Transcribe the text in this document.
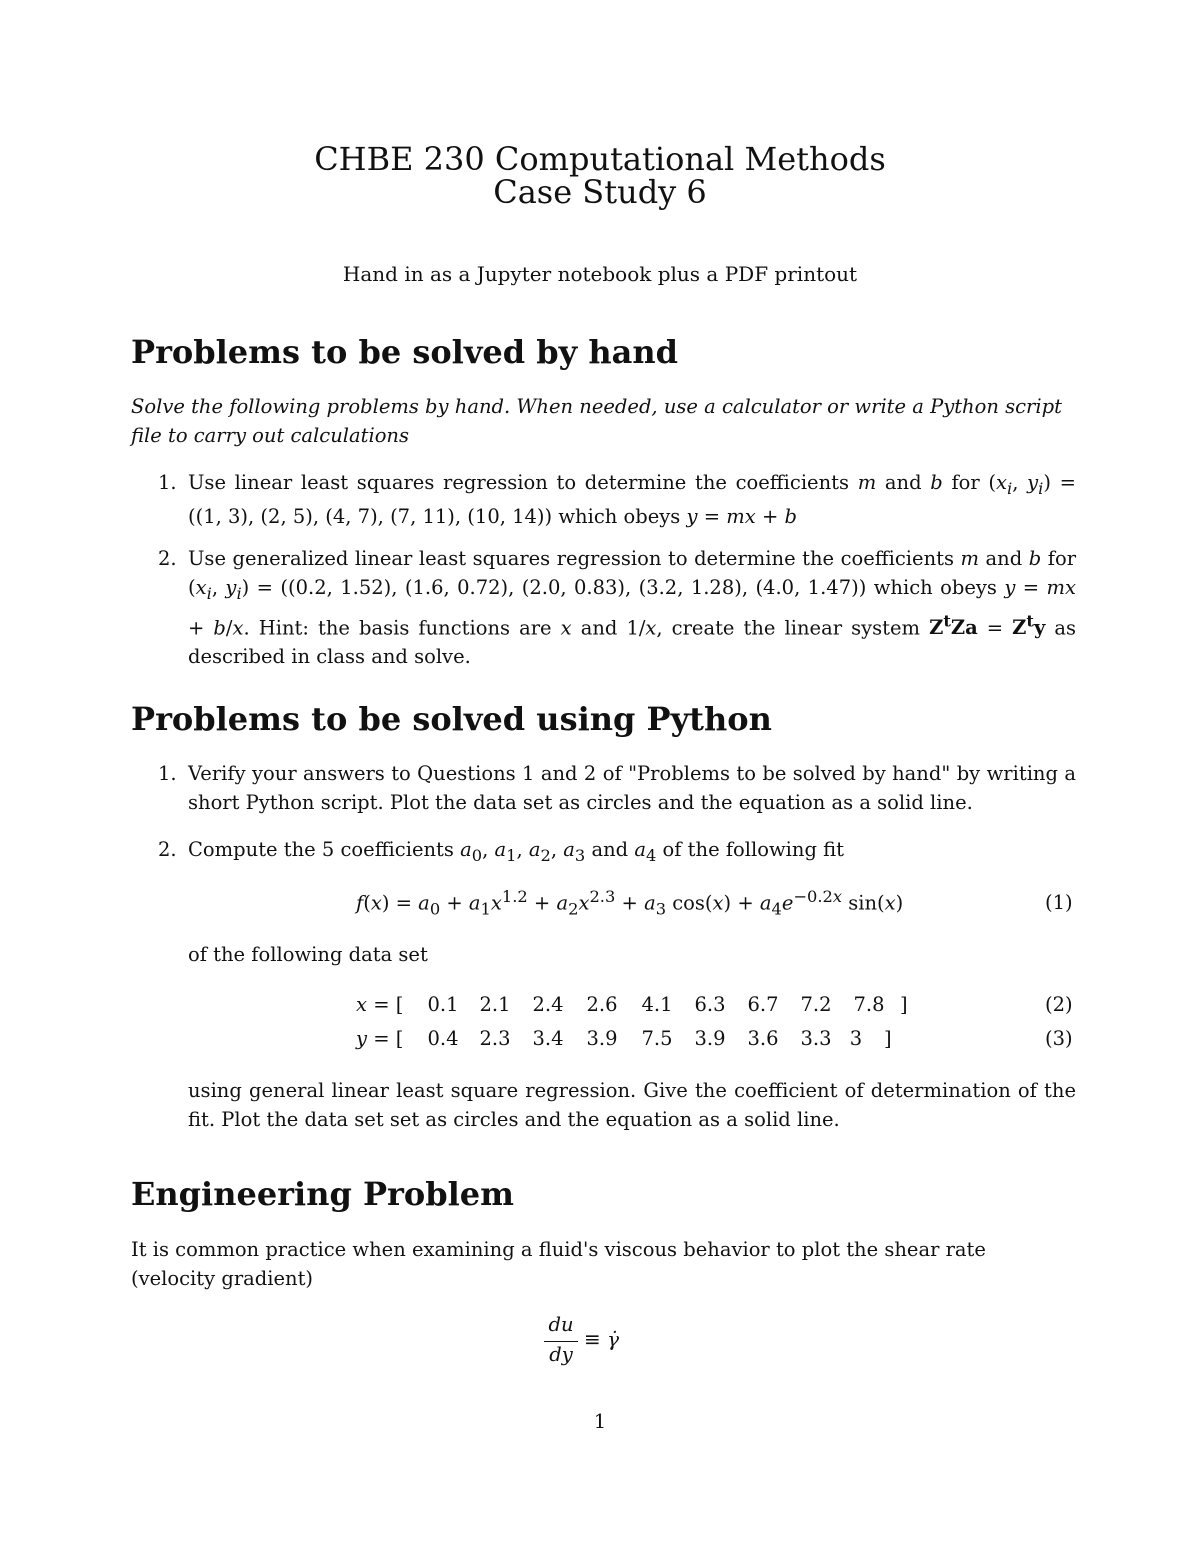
CHBE 230 Computational Methods
Case Study 6
Hand in as a Jupyter notebook plus a PDF printout
Problems to be solved by hand
Solve the following problems by hand. When needed, use a calculator or write a Python script file to carry out calculations
1. Use linear least squares regression to determine the coefficients m and b for ($x_i$, $y_i) = ((1$, 3), (2, 5), (4, 7), (7, 11), (10, 14)) which obeys y = mx + b
2. Use generalized linear least squares regression to determine the coefficients m and b for ($x_i$, $y_i) = ((0.2$, 1.52), (1.6, 0.72), (2.0, 0.83), (3.2, 1.28), (4.0, 1.47)) which obeys y = mx + b/x. Hint: the basis functions are x and 1/x, create the linear system $Z^tZa = Z^ty$ as described in class and solve.
Problems to be solved using Python
1. Verify your answers to Questions 1 and 2 of "Problems to be solved by hand" by writing a short Python script. Plot the data set as circles and the equation as a solid line.
2. Compute the 5 coefficients $a_0$, $a_1$, $a_2$, $a_3$ and $a_4$ of the following fit
$f(x) = a_0 + a_1x^{1.2} + a_2x^{2.3} + a_3$ $\cos(x) + a_4e^{-0.2x}$ sin(x)	(1)
of the following data set
x = [	0.1	2.1	2.4	2.6	4.1	6.3	6.7	7.2	7.8 ]	(2)
y = [	0.4	2.3	3.4	3.9	7.5	3.9	3.6	3.3 3	]	(3)
using general linear least square regression. Give the coefficient of determination of the fit. Plot the data set set as circles and the equation as a solid line.
Engineering Problem
It is common practice when examining a fluid's viscous behavior to plot the shear rate (velocity gradient)
du
dy
≡ γ̇
1
